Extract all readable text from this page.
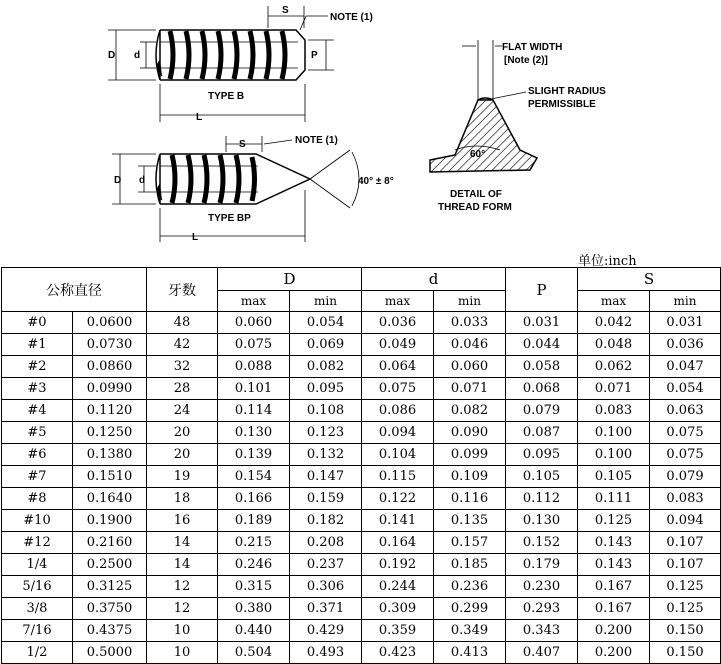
D d
S
NOTE (1)
P
TYPE B
L
D d
S	NOTE (1)
40° ± 8°
TYPE BP
L
FLAT WIDTH
[Note (2)]
SLIGHT RADIUS
PERMISSIBLE
60°
DETAIL OF
THREAD FORM
单位:inch
公称直径		牙数	D		d		P	S	
			max	min	max	min		max	min
#0	0.0600	48	0.060	0.054	0.036	0.033	0.031	0.042	0.031
#1	0.0730	42	0.075	0.069	0.049	0.046	0.044	0.048	0.036
#2	0.0860	32	0.088	0.082	0.064	0.060	0.058	0.062	0.047
#3	0.0990	28	0.101	0.095	0.075	0.071	0.068	0.071	0.054
#4	0.1120	24	0.114	0.108	0.086	0.082	0.079	0.083	0.063
#5	0.1250	20	0.130	0.123	0.094	0.090	0.087	0.100	0.075
#6	0.1380	20	0.139	0.132	0.104	0.099	0.095	0.100	0.075
#7	0.1510	19	0.154	0.147	0.115	0.109	0.105	0.105	0.079
#8	0.1640	18	0.166	0.159	0.122	0.116	0.112	0.111	0.083
#10	0.1900	16	0.189	0.182	0.141	0.135	0.130	0.125	0.094
#12	0.2160	14	0.215	0.208	0.164	0.157	0.152	0.143	0.107
1/4	0.2500	14	0.246	0.237	0.192	0.185	0.179	0.143	0.107
5/16	0.3125	12	0.315	0.306	0.244	0.236	0.230	0.167	0.125
3/8	0.3750	12	0.380	0.371	0.309	0.299	0.293	0.167	0.125
7/16	0.4375	10	0.440	0.429	0.359	0.349	0.343	0.200	0.150
1/2	0.5000	10	0.504	0.493	0.423	0.413	0.407	0.200	0.150
